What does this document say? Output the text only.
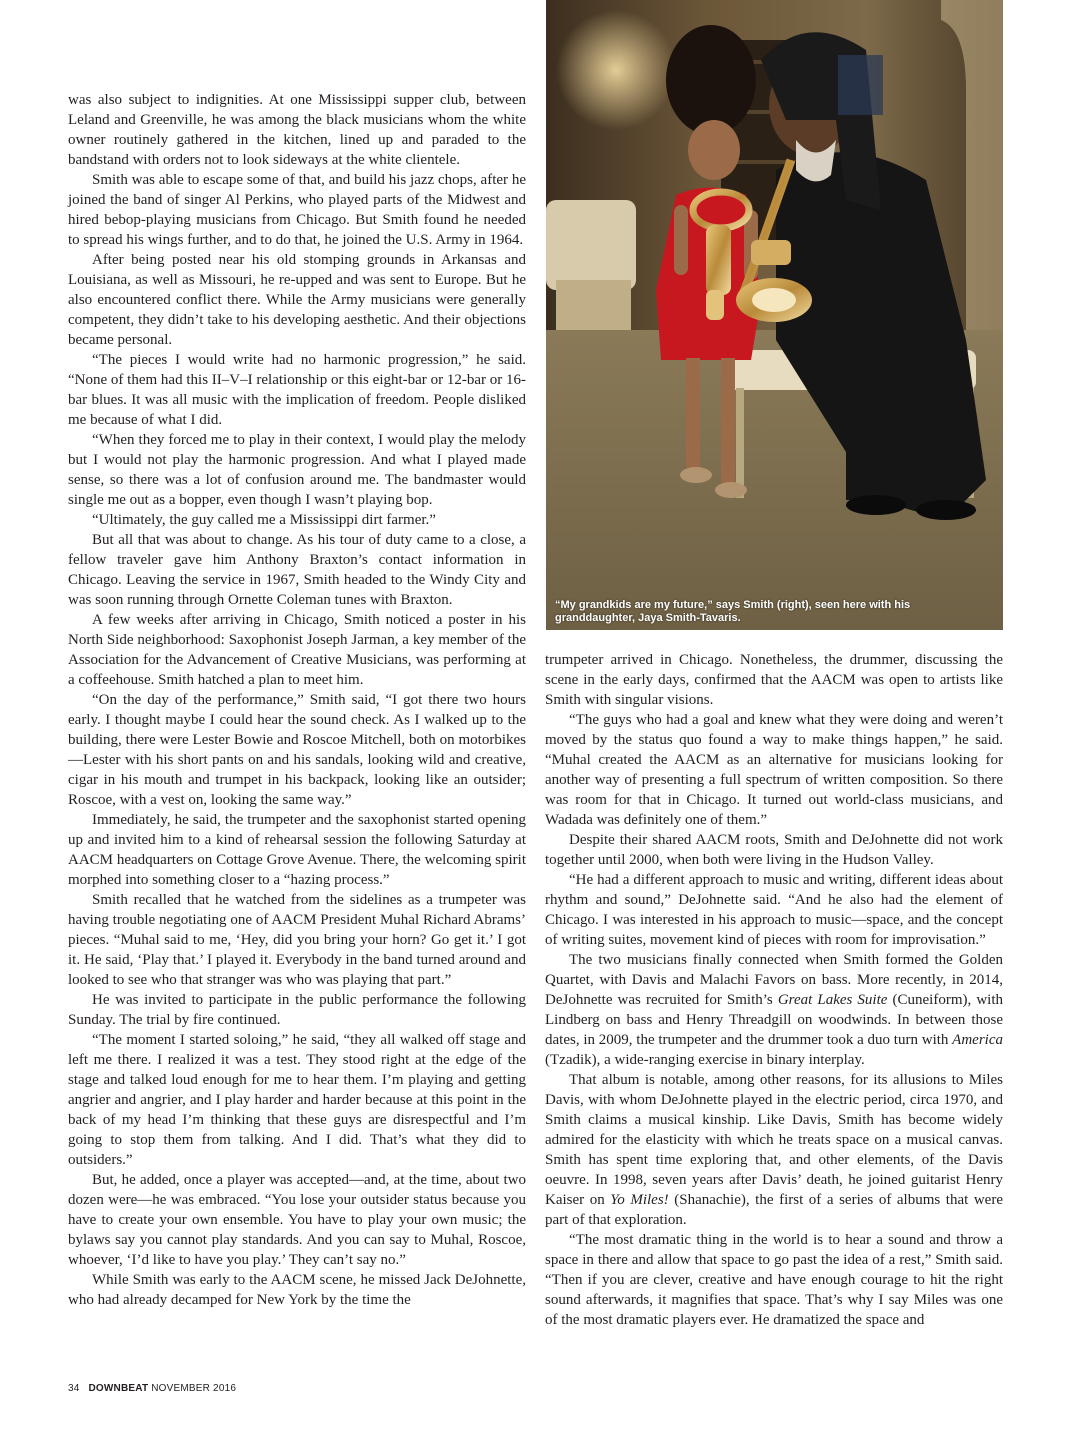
was also subject to indignities. At one Mississippi supper club, between Leland and Greenville, he was among the black musicians whom the white owner routinely gathered in the kitchen, lined up and paraded to the bandstand with orders not to look sideways at the white clientele.

Smith was able to escape some of that, and build his jazz chops, after he joined the band of singer Al Perkins, who played parts of the Midwest and hired bebop-playing musicians from Chicago. But Smith found he needed to spread his wings further, and to do that, he joined the U.S. Army in 1964.

After being posted near his old stomping grounds in Arkansas and Louisiana, as well as Missouri, he re-upped and was sent to Europe. But he also encountered conflict there. While the Army musicians were generally competent, they didn’t take to his developing aesthetic. And their objections became personal.

“The pieces I would write had no harmonic progression,” he said. “None of them had this II–V–I relationship or this eight-bar or 12-bar or 16-bar blues. It was all music with the implication of freedom. People disliked me because of what I did.

“When they forced me to play in their context, I would play the melody but I would not play the harmonic progression. And what I played made sense, so there was a lot of confusion around me. The bandmaster would single me out as a bopper, even though I wasn’t playing bop.

“Ultimately, the guy called me a Mississippi dirt farmer.”

But all that was about to change. As his tour of duty came to a close, a fellow traveler gave him Anthony Braxton’s contact information in Chicago. Leaving the service in 1967, Smith headed to the Windy City and was soon running through Ornette Coleman tunes with Braxton.

A few weeks after arriving in Chicago, Smith noticed a poster in his North Side neighborhood: Saxophonist Joseph Jarman, a key member of the Association for the Advancement of Creative Musicians, was performing at a coffeehouse. Smith hatched a plan to meet him.

“On the day of the performance,” Smith said, “I got there two hours early. I thought maybe I could hear the sound check. As I walked up to the building, there were Lester Bowie and Roscoe Mitchell, both on motorbikes—Lester with his short pants on and his sandals, looking wild and creative, cigar in his mouth and trumpet in his backpack, looking like an outsider; Roscoe, with a vest on, looking the same way.”

Immediately, he said, the trumpeter and the saxophonist started opening up and invited him to a kind of rehearsal session the following Saturday at AACM headquarters on Cottage Grove Avenue. There, the welcoming spirit morphed into something closer to a “hazing process.”

Smith recalled that he watched from the sidelines as a trumpeter was having trouble negotiating one of AACM President Muhal Richard Abrams’ pieces. “Muhal said to me, ‘Hey, did you bring your horn? Go get it.’ I got it. He said, ‘Play that.’ I played it. Everybody in the band turned around and looked to see who that stranger was who was playing that part.”

He was invited to participate in the public performance the following Sunday. The trial by fire continued.

“The moment I started soloing,” he said, “they all walked off stage and left me there. I realized it was a test. They stood right at the edge of the stage and talked loud enough for me to hear them. I’m playing and getting angrier and angrier, and I play harder and harder because at this point in the back of my head I’m thinking that these guys are disrespectful and I’m going to stop them from talking. And I did. That’s what they did to outsiders.”

But, he added, once a player was accepted—and, at the time, about two dozen were—he was embraced. “You lose your outsider status because you have to create your own ensemble. You have to play your own music; the bylaws say you cannot play standards. And you can say to Muhal, Roscoe, whoever, ‘I’d like to have you play.’ They can’t say no.”

While Smith was early to the AACM scene, he missed Jack DeJohnette, who had already decamped for New York by the time the

“My grandkids are my future,” says Smith (right), seen here with his granddaughter, Jaya Smith-Tavaris.

trumpeter arrived in Chicago. Nonetheless, the drummer, discussing the scene in the early days, confirmed that the AACM was open to artists like Smith with singular visions.

“The guys who had a goal and knew what they were doing and weren’t moved by the status quo found a way to make things happen,” he said. “Muhal created the AACM as an alternative for musicians looking for another way of presenting a full spectrum of written composition. So there was room for that in Chicago. It turned out world-class musicians, and Wadada was definitely one of them.”

Despite their shared AACM roots, Smith and DeJohnette did not work together until 2000, when both were living in the Hudson Valley.

“He had a different approach to music and writing, different ideas about rhythm and sound,” DeJohnette said. “And he also had the element of Chicago. I was interested in his approach to music—space, and the concept of writing suites, movement kind of pieces with room for improvisation.”

The two musicians finally connected when Smith formed the Golden Quartet, with Davis and Malachi Favors on bass. More recently, in 2014, DeJohnette was recruited for Smith’s Great Lakes Suite (Cuneiform), with Lindberg on bass and Henry Threadgill on woodwinds. In between those dates, in 2009, the trumpeter and the drummer took a duo turn with America (Tzadik), a wide-ranging exercise in binary interplay.

That album is notable, among other reasons, for its allusions to Miles Davis, with whom DeJohnette played in the electric period, circa 1970, and Smith claims a musical kinship. Like Davis, Smith has become widely admired for the elasticity with which he treats space on a musical canvas. Smith has spent time exploring that, and other elements, of the Davis oeuvre. In 1998, seven years after Davis’ death, he joined guitarist Henry Kaiser on Yo Miles! (Shanachie), the first of a series of albums that were part of that exploration.

“The most dramatic thing in the world is to hear a sound and throw a space in there and allow that space to go past the idea of a rest,” Smith said. “Then if you are clever, creative and have enough courage to hit the right sound afterwards, it magnifies that space. That’s why I say Miles was one of the most dramatic players ever. He dramatized the space and

34 DOWNBEAT NOVEMBER 2016
